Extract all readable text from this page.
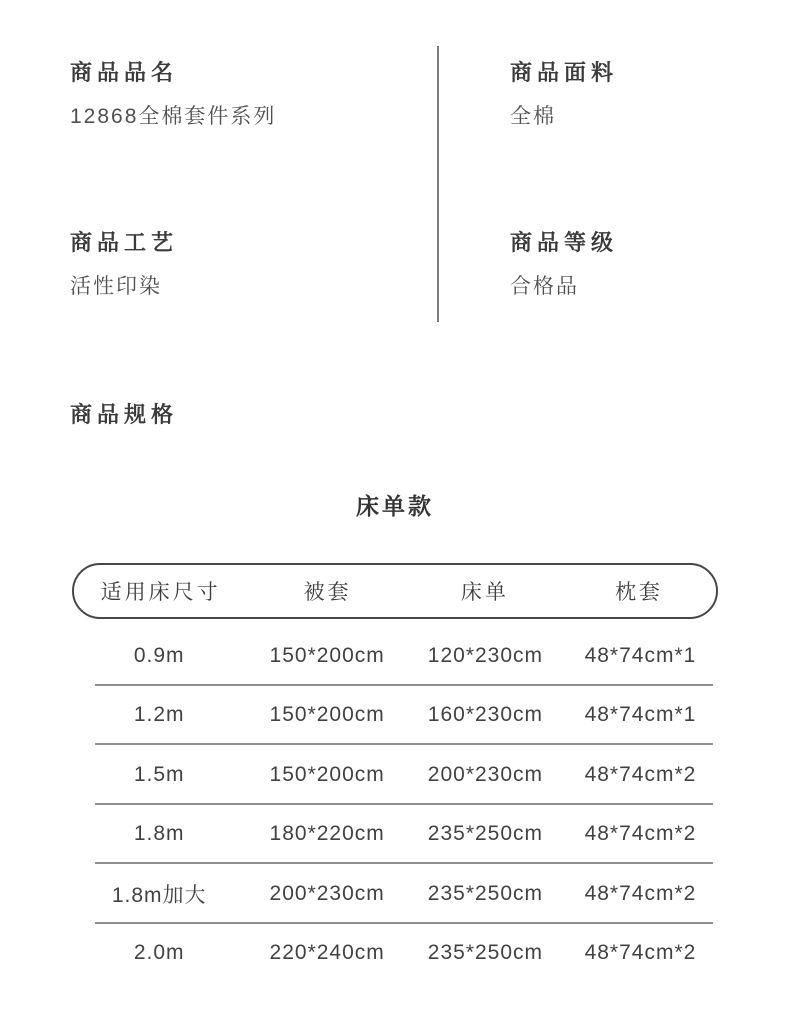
商品品名
12868全棉套件系列
商品面料
全棉
商品工艺
活性印染
商品等级
合格品
商品规格
床单款
适用床尺寸	被套	床单	枕套
0.9m	150*200cm	120*230cm	48*74cm*1
1.2m	150*200cm	160*230cm	48*74cm*1
1.5m	150*200cm	200*230cm	48*74cm*2
1.8m	180*220cm	235*250cm	48*74cm*2
1.8m加大	200*230cm	235*250cm	48*74cm*2
2.0m	220*240cm	235*250cm	48*74cm*2
